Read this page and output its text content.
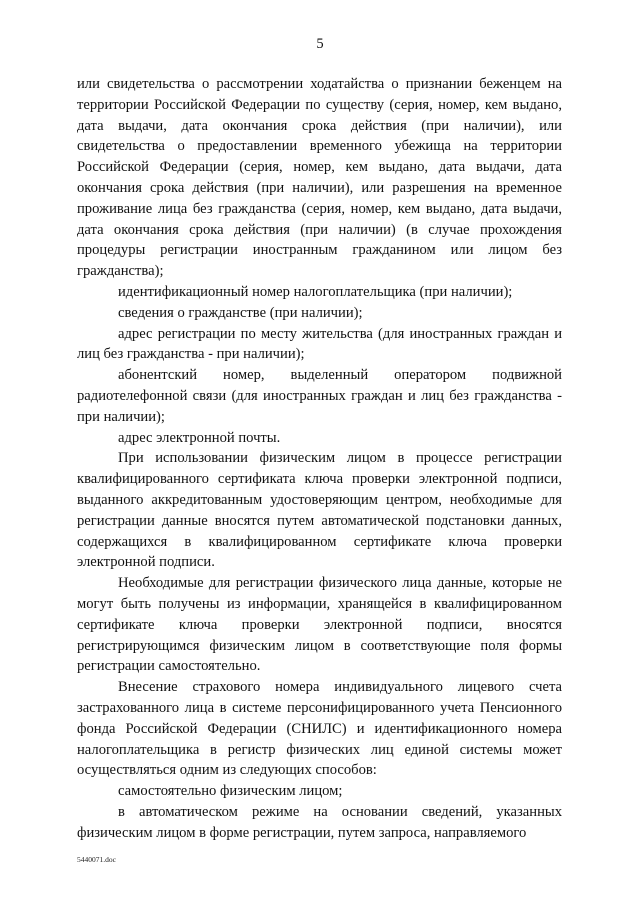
5

или свидетельства о рассмотрении ходатайства о признании беженцем на территории Российской Федерации по существу (серия, номер, кем выдано, дата выдачи, дата окончания срока действия (при наличии), или свидетельства о предоставлении временного убежища на территории Российской Федерации (серия, номер, кем выдано, дата выдачи, дата окончания срока действия (при наличии), или разрешения на временное проживание лица без гражданства (серия, номер, кем выдано, дата выдачи, дата окончания срока действия (при наличии) (в случае прохождения процедуры регистрации иностранным гражданином или лицом без гражданства);

идентификационный номер налогоплательщика (при наличии);

сведения о гражданстве (при наличии);

адрес регистрации по месту жительства (для иностранных граждан и лиц без гражданства - при наличии);

абонентский номер, выделенный оператором подвижной радиотелефонной связи (для иностранных граждан и лиц без гражданства - при наличии);

адрес электронной почты.

При использовании физическим лицом в процессе регистрации квалифицированного сертификата ключа проверки электронной подписи, выданного аккредитованным удостоверяющим центром, необходимые для регистрации данные вносятся путем автоматической подстановки данных, содержащихся в квалифицированном сертификате ключа проверки электронной подписи.

Необходимые для регистрации физического лица данные, которые не могут быть получены из информации, хранящейся в квалифицированном сертификате ключа проверки электронной подписи, вносятся регистрирующимся физическим лицом в соответствующие поля формы регистрации самостоятельно.

Внесение страхового номера индивидуального лицевого счета застрахованного лица в системе персонифицированного учета Пенсионного фонда Российской Федерации (СНИЛС) и идентификационного номера налогоплательщика в регистр физических лиц единой системы может осуществляться одним из следующих способов:

самостоятельно физическим лицом;

в автоматическом режиме на основании сведений, указанных физическим лицом в форме регистрации, путем запроса, направляемого

5440071.doc
